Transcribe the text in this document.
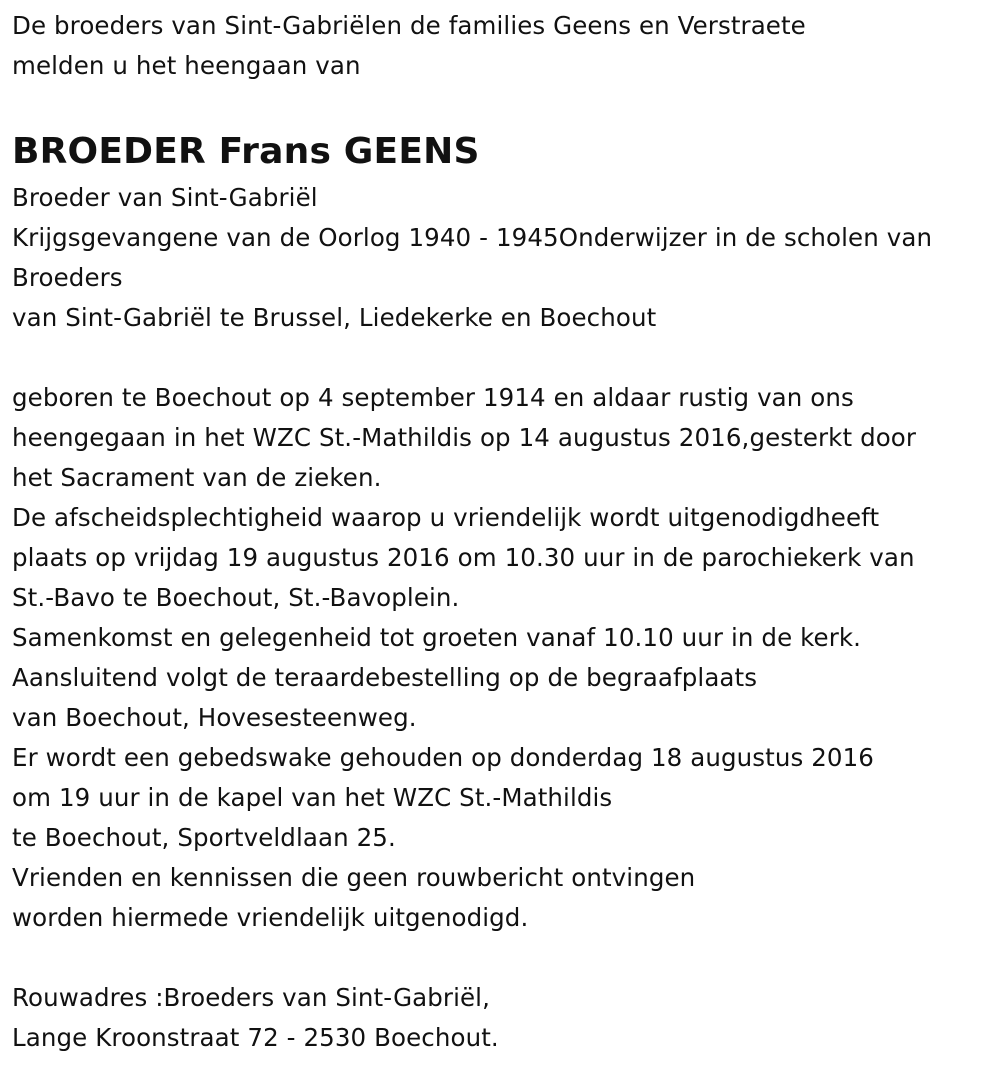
De broeders van Sint-Gabriëlen de families Geens en Verstraete
melden u het heengaan van
BROEDER Frans GEENS
Broeder van Sint-Gabriël
Krijgsgevangene van de Oorlog 1940 - 1945Onderwijzer in de scholen van
Broeders
van Sint-Gabriël te Brussel, Liedekerke en Boechout
geboren te Boechout op 4 september 1914 en aldaar rustig van ons
heengegaan in het WZC St.-Mathildis op 14 augustus 2016,gesterkt door
het Sacrament van de zieken.
De afscheidsplechtigheid waarop u vriendelijk wordt uitgenodigdheeft
plaats op vrijdag 19 augustus 2016 om 10.30 uur in de parochiekerk van
St.-Bavo te Boechout, St.-Bavoplein.
Samenkomst en gelegenheid tot groeten vanaf 10.10 uur in de kerk.
Aansluitend volgt de teraardebestelling op de begraafplaats
van Boechout, Hovesesteenweg.
Er wordt een gebedswake gehouden op donderdag 18 augustus 2016
om 19 uur in de kapel van het WZC St.-Mathildis
te Boechout, Sportveldlaan 25.
Vrienden en kennissen die geen rouwbericht ontvingen
worden hiermede vriendelijk uitgenodigd.
Rouwadres :Broeders van Sint-Gabriël,
Lange Kroonstraat 72 - 2530 Boechout.
